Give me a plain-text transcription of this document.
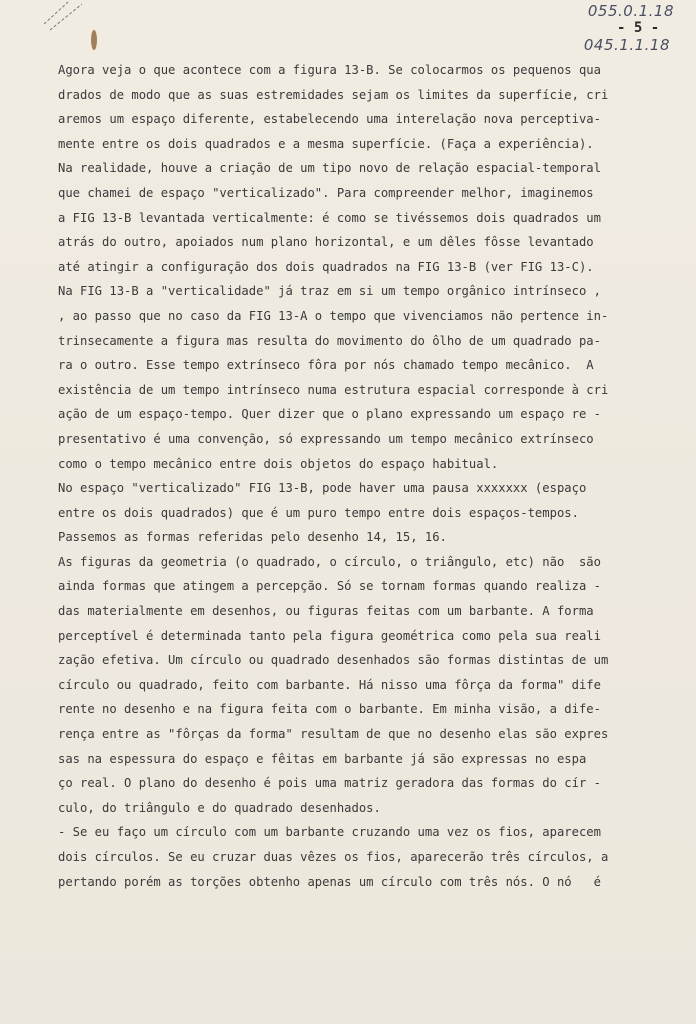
055.0.1.18
- 5 -
045.1.1.18
Agora veja o que acontece com a figura 13-B. Se colocarmos os pequenos qua
drados de modo que as suas estremidades sejam os limites da superfície, cri
aremos um espaço diferente, estabelecendo uma interelação nova perceptiva-
mente entre os dois quadrados e a mesma superfície. (Faça a experiência).
Na realidade, houve a criação de um tipo novo de relação espacial-temporal
que chamei de espaço "verticalizado". Para compreender melhor, imaginemos
a FIG 13-B levantada verticalmente: é como se tivéssemos dois quadrados um
atrás do outro, apoiados num plano horizontal, e um dêles fôsse levantado
até atingir a configuração dos dois quadrados na FIG 13-B (ver FIG 13-C).
Na FIG 13-B a "verticalidade" já traz em si um tempo orgânico intrínseco ,
, ao passo que no caso da FIG 13-A o tempo que vivenciamos não pertence in-
trinsecamente a figura mas resulta do movimento do ôlho de um quadrado pa-
ra o outro. Esse tempo extrínseco fôra por nós chamado tempo mecânico.  A
existência de um tempo intrínseco numa estrutura espacial corresponde à cri
ação de um espaço-tempo. Quer dizer que o plano expressando um espaço re -
presentativo é uma convenção, só expressando um tempo mecânico extrínseco
como o tempo mecânico entre dois objetos do espaço habitual.
No espaço "verticalizado" FIG 13-B, pode haver uma pausa xxxxxxx (espaço
entre os dois quadrados) que é um puro tempo entre dois espaços-tempos.
Passemos as formas referidas pelo desenho 14, 15, 16.
As figuras da geometria (o quadrado, o círculo, o triângulo, etc) não  são
ainda formas que atingem a percepção. Só se tornam formas quando realiza -
das materialmente em desenhos, ou figuras feitas com um barbante. A forma
perceptível é determinada tanto pela figura geométrica como pela sua reali
zação efetiva. Um círculo ou quadrado desenhados são formas distintas de um
círculo ou quadrado, feito com barbante. Há nisso uma fôrça da forma" dife
rente no desenho e na figura feita com o barbante. Em minha visão, a dife-
rença entre as "fôrças da forma" resultam de que no desenho elas são expres
sas na espessura do espaço e fêitas em barbante já são expressas no espa
ço real. O plano do desenho é pois uma matriz geradora das formas do cír -
culo, do triângulo e do quadrado desenhados.
- Se eu faço um círculo com um barbante cruzando uma vez os fios, aparecem
dois círculos. Se eu cruzar duas vêzes os fios, aparecerão três círculos, a
pertando porém as torções obtenho apenas um círculo com três nós. O nó   é
